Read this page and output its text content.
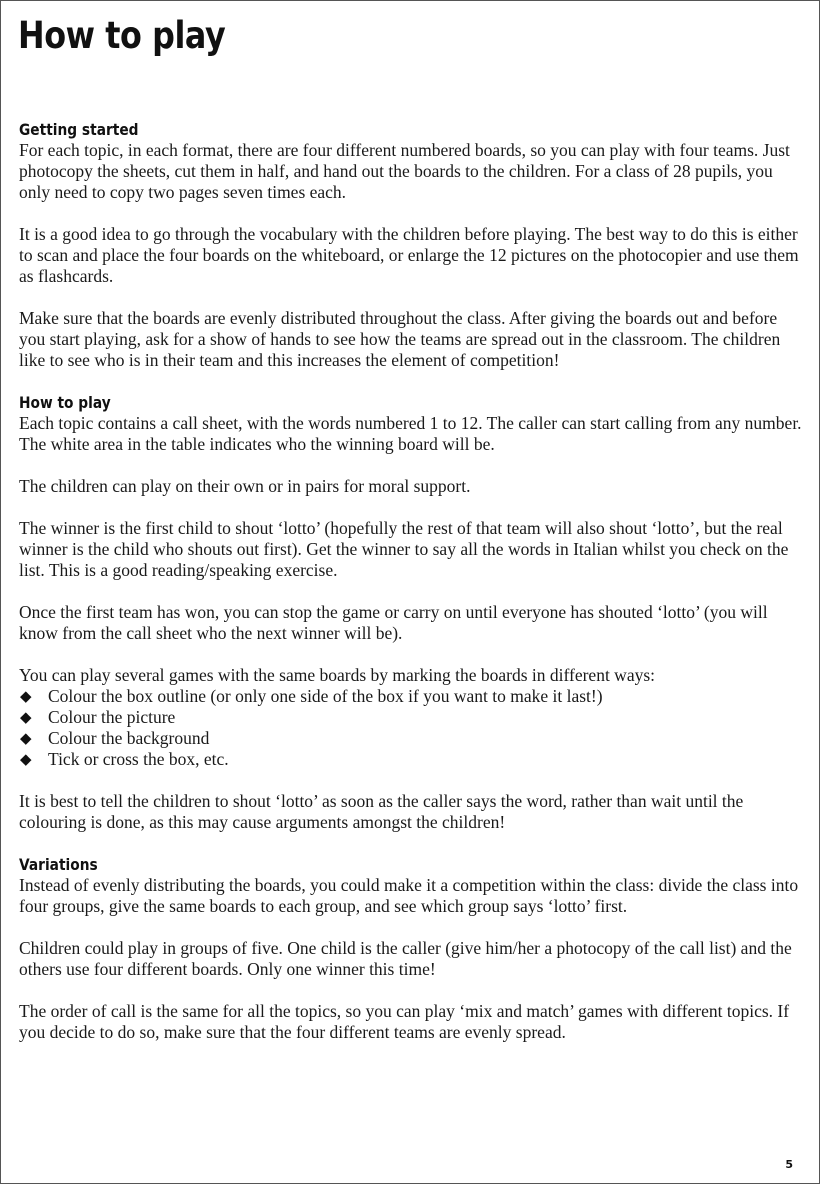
How to play
Getting started

For each topic, in each format, there are four different numbered boards, so you can play with four teams. Just photocopy the sheets, cut them in half, and hand out the boards to the children. For a class of 28 pupils, you only need to copy two pages seven times each.

It is a good idea to go through the vocabulary with the children before playing. The best way to do this is either to scan and place the four boards on the whiteboard, or enlarge the 12 pictures on the photocopier and use them as flashcards.

Make sure that the boards are evenly distributed throughout the class. After giving the boards out and before you start playing, ask for a show of hands to see how the teams are spread out in the classroom. The children like to see who is in their team and this increases the element of competition!

How to play

Each topic contains a call sheet, with the words numbered 1 to 12. The caller can start calling from any number. The white area in the table indicates who the winning board will be.

The children can play on their own or in pairs for moral support.

The winner is the first child to shout ‘lotto’ (hopefully the rest of that team will also shout ‘lotto’, but the real winner is the child who shouts out first). Get the winner to say all the words in Italian whilst you check on the list. This is a good reading/speaking exercise.

Once the first team has won, you can stop the game or carry on until everyone has shouted ‘lotto’ (you will know from the call sheet who the next winner will be).

You can play several games with the same boards by marking the boards in different ways:

◆ Colour the box outline (or only one side of the box if you want to make it last!)
◆ Colour the picture
◆ Colour the background
◆ Tick or cross the box, etc.

It is best to tell the children to shout ‘lotto’ as soon as the caller says the word, rather than wait until the colouring is done, as this may cause arguments amongst the children!

Variations

Instead of evenly distributing the boards, you could make it a competition within the class: divide the class into four groups, give the same boards to each group, and see which group says ‘lotto’ first.

Children could play in groups of five. One child is the caller (give him/her a photocopy of the call list) and the others use four different boards. Only one winner this time!

The order of call is the same for all the topics, so you can play ‘mix and match’ games with different topics. If you decide to do so, make sure that the four different teams are evenly spread.

5
